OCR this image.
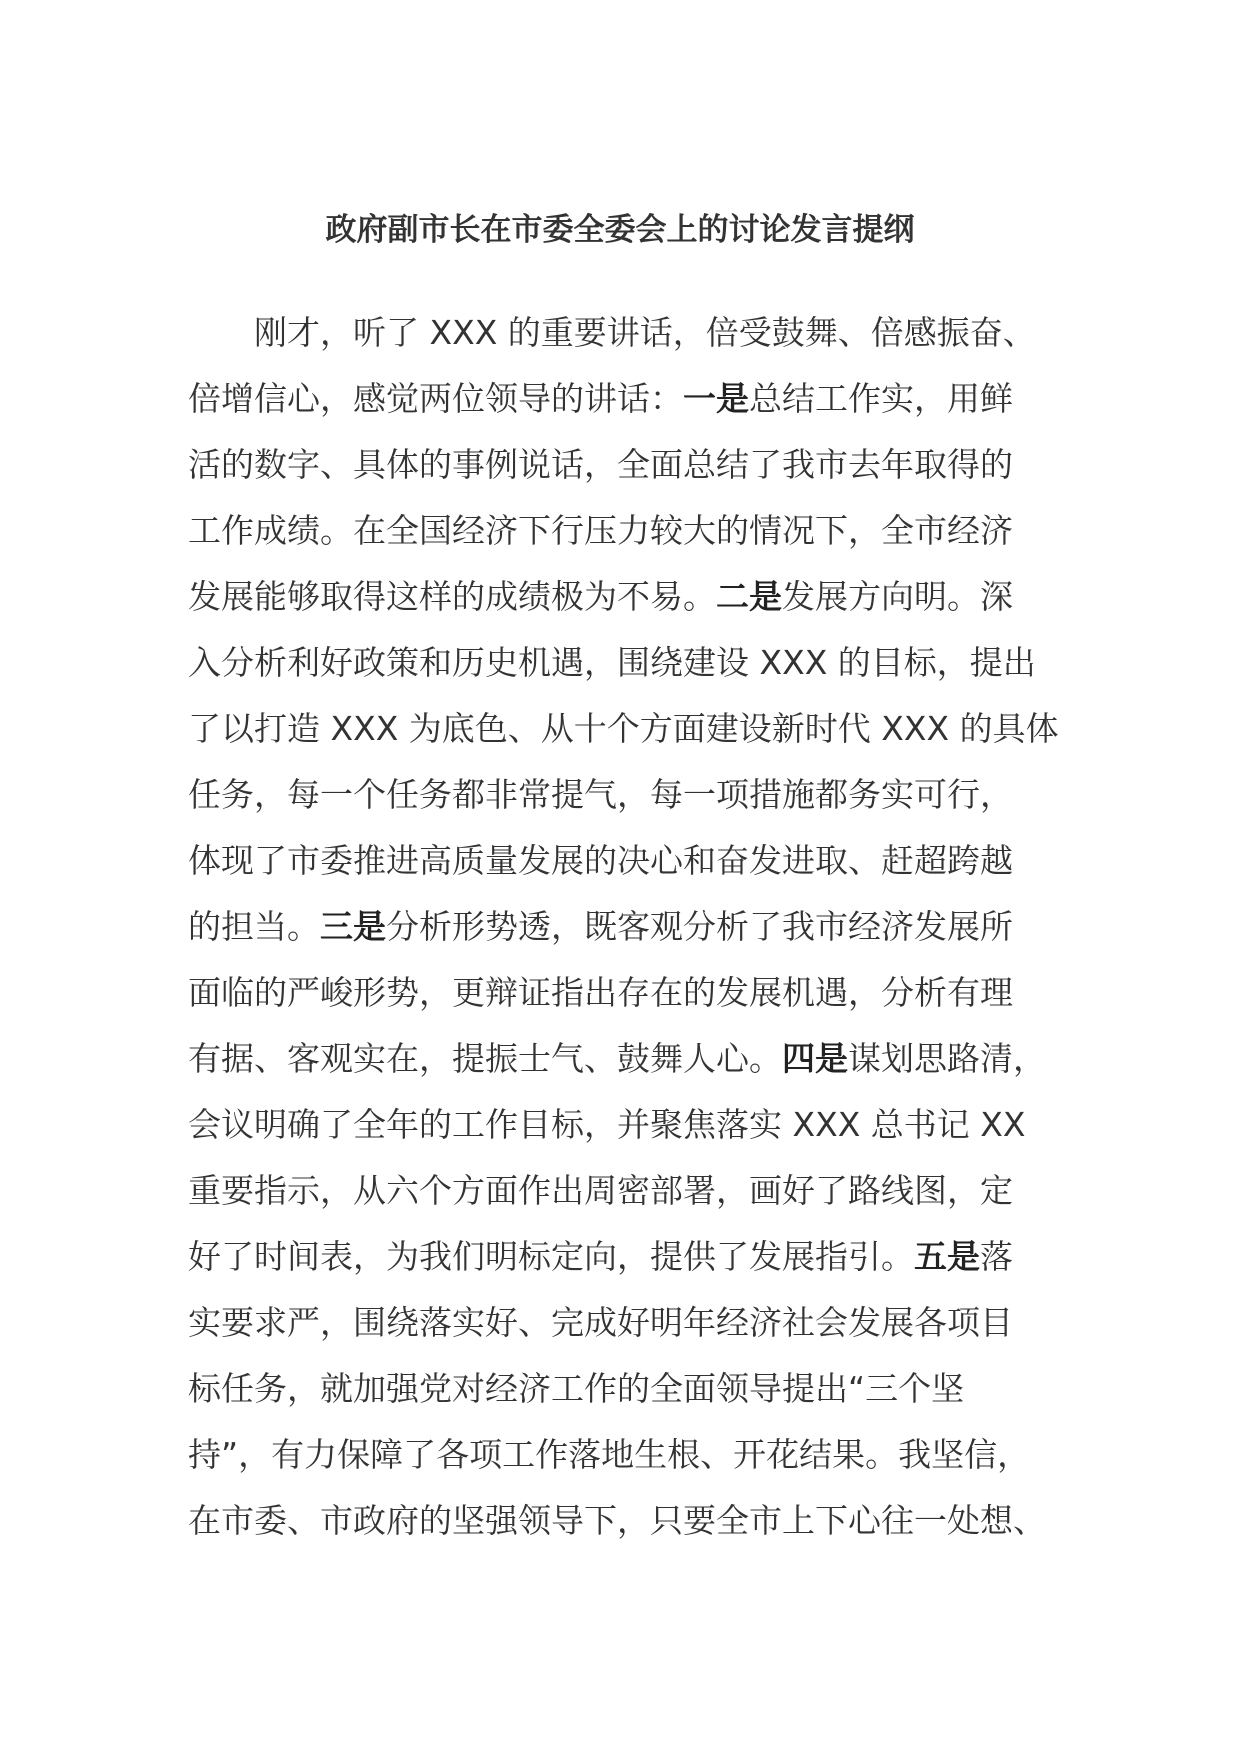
政府副市长在市委全委会上的讨论发言提纲
刚才，听了 XXX 的重要讲话，倍受鼓舞、倍感振奋、
倍增信心，感觉两位领导的讲话：一是总结工作实，用鲜
活的数字、具体的事例说话，全面总结了我市去年取得的
工作成绩。在全国经济下行压力较大的情况下，全市经济
发展能够取得这样的成绩极为不易。二是发展方向明。深
入分析利好政策和历史机遇，围绕建设 XXX 的目标，提出
了以打造 XXX 为底色、从十个方面建设新时代 XXX 的具体
任务，每一个任务都非常提气，每一项措施都务实可行，
体现了市委推进高质量发展的决心和奋发进取、赶超跨越
的担当。三是分析形势透，既客观分析了我市经济发展所
面临的严峻形势，更辩证指出存在的发展机遇，分析有理
有据、客观实在，提振士气、鼓舞人心。四是谋划思路清，
会议明确了全年的工作目标，并聚焦落实 XXX 总书记 XX
重要指示，从六个方面作出周密部署，画好了路线图，定
好了时间表，为我们明标定向，提供了发展指引。五是落
实要求严，围绕落实好、完成好明年经济社会发展各项目
标任务，就加强党对经济工作的全面领导提出“三个坚
持”，有力保障了各项工作落地生根、开花结果。我坚信，
在市委、市政府的坚强领导下，只要全市上下心往一处想、
